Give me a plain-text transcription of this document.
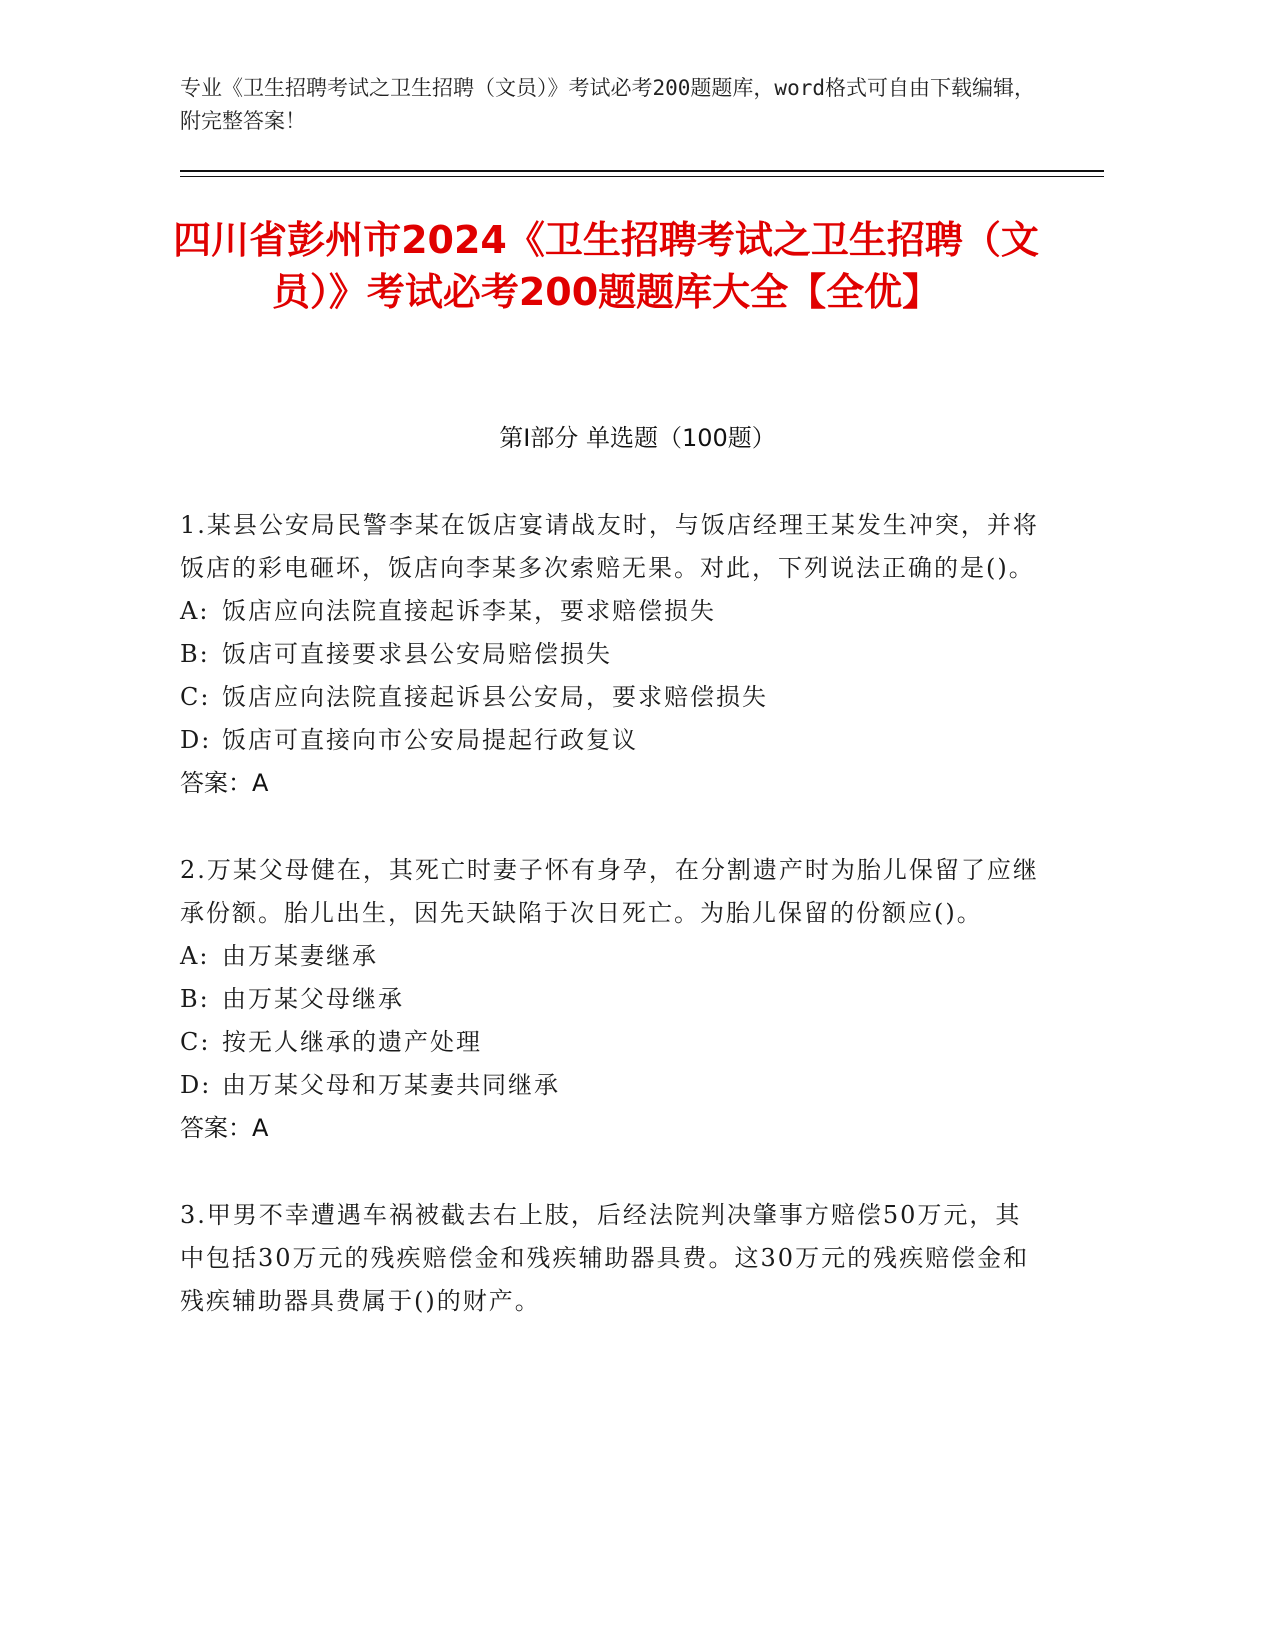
专业《卫生招聘考试之卫生招聘（文员）》考试必考200题题库，word格式可自由下载编辑，附完整答案！
四川省彭州市2024《卫生招聘考试之卫生招聘（文员）》考试必考200题题库大全【全优】
第Ⅰ部分 单选题（100题）
1.某县公安局民警李某在饭店宴请战友时，与饭店经理王某发生冲突，并将饭店的彩电砸坏，饭店向李某多次索赔无果。对此，下列说法正确的是()。
A: 饭店应向法院直接起诉李某，要求赔偿损失
B: 饭店可直接要求县公安局赔偿损失
C: 饭店应向法院直接起诉县公安局，要求赔偿损失
D: 饭店可直接向市公安局提起行政复议
答案：A
2.万某父母健在，其死亡时妻子怀有身孕，在分割遗产时为胎儿保留了应继承份额。胎儿出生，因先天缺陷于次日死亡。为胎儿保留的份额应()。
A: 由万某妻继承
B: 由万某父母继承
C: 按无人继承的遗产处理
D: 由万某父母和万某妻共同继承
答案：A
3.甲男不幸遭遇车祸被截去右上肢，后经法院判决肇事方赔偿50万元，其中包括30万元的残疾赔偿金和残疾辅助器具费。这30万元的残疾赔偿金和残疾辅助器具费属于()的财产。
